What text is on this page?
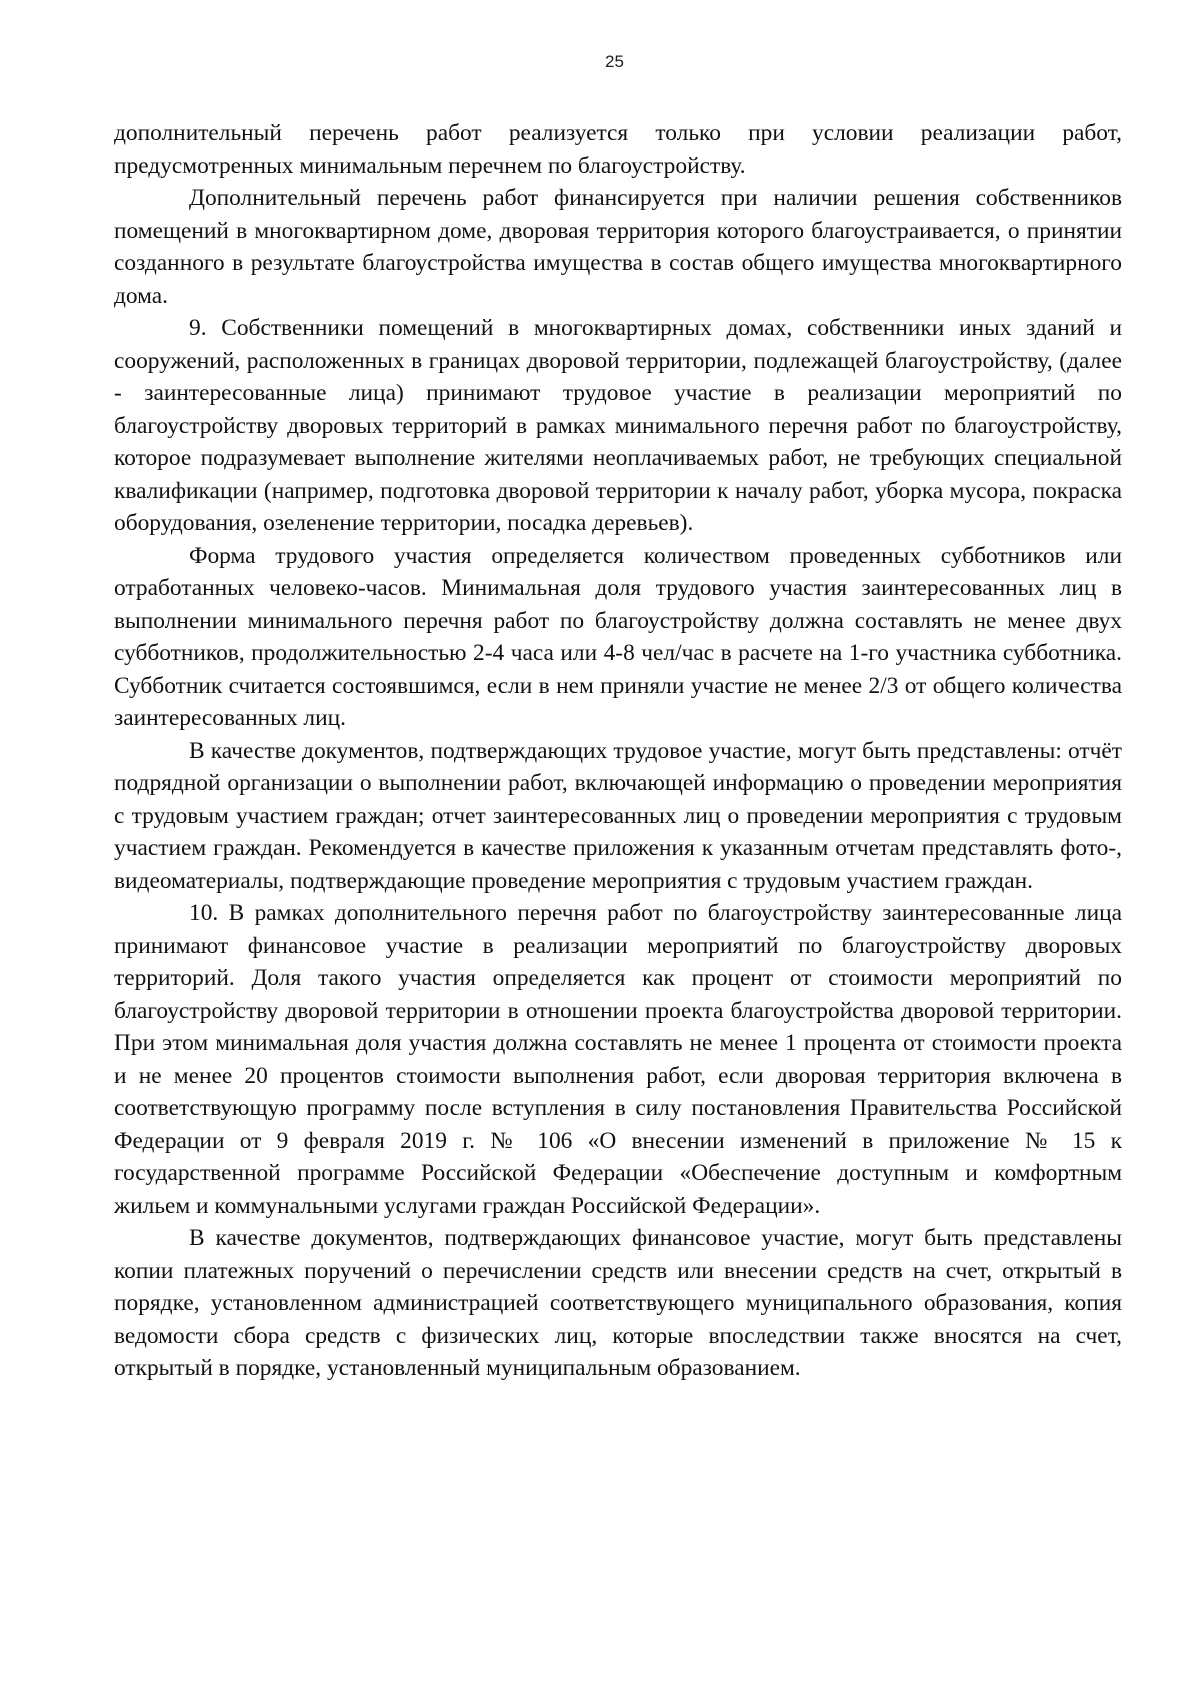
25

дополнительный перечень работ реализуется только при условии реализации работ, предусмотренных минимальным перечнем по благоустройству.

Дополнительный перечень работ финансируется при наличии решения собственников помещений в многоквартирном доме, дворовая территория которого благоустраивается, о принятии созданного в результате благоустройства имущества в состав общего имущества многоквартирного дома.

9. Собственники помещений в многоквартирных домах, собственники иных зданий и сооружений, расположенных в границах дворовой территории, подлежащей благоустройству, (далее - заинтересованные лица) принимают трудовое участие в реализации мероприятий по благоустройству дворовых территорий в рамках минимального перечня работ по благоустройству, которое подразумевает выполнение жителями неоплачиваемых работ, не требующих специальной квалификации (например, подготовка дворовой территории к началу работ, уборка мусора, покраска оборудования, озеленение территории, посадка деревьев).

Форма трудового участия определяется количеством проведенных субботников или отработанных человеко-часов. Минимальная доля трудового участия заинтересованных лиц в выполнении минимального перечня работ по благоустройству должна составлять не менее двух субботников, продолжительностью 2-4 часа или 4-8 чел/час в расчете на 1-го участника субботника. Субботник считается состоявшимся, если в нем приняли участие не менее 2/3 от общего количества заинтересованных лиц.

В качестве документов, подтверждающих трудовое участие, могут быть представлены: отчёт подрядной организации о выполнении работ, включающей информацию о проведении мероприятия с трудовым участием граждан; отчет заинтересованных лиц о проведении мероприятия с трудовым участием граждан. Рекомендуется в качестве приложения к указанным отчетам представлять фото-, видеоматериалы, подтверждающие проведение мероприятия с трудовым участием граждан.

10. В рамках дополнительного перечня работ по благоустройству заинтересованные лица принимают финансовое участие в реализации мероприятий по благоустройству дворовых территорий. Доля такого участия определяется как процент от стоимости мероприятий по благоустройству дворовой территории в отношении проекта благоустройства дворовой территории. При этом минимальная доля участия должна составлять не менее 1 процента от стоимости проекта и не менее 20 процентов стоимости выполнения работ, если дворовая территория включена в соответствующую программу после вступления в силу постановления Правительства Российской Федерации от 9 февраля 2019 г. № 106 «О внесении изменений в приложение № 15 к государственной программе Российской Федерации «Обеспечение доступным и комфортным жильем и коммунальными услугами граждан Российской Федерации».

В качестве документов, подтверждающих финансовое участие, могут быть представлены копии платежных поручений о перечислении средств или внесении средств на счет, открытый в порядке, установленном администрацией соответствующего муниципального образования, копия ведомости сбора средств с физических лиц, которые впоследствии также вносятся на счет, открытый в порядке, установленный муниципальным образованием.
